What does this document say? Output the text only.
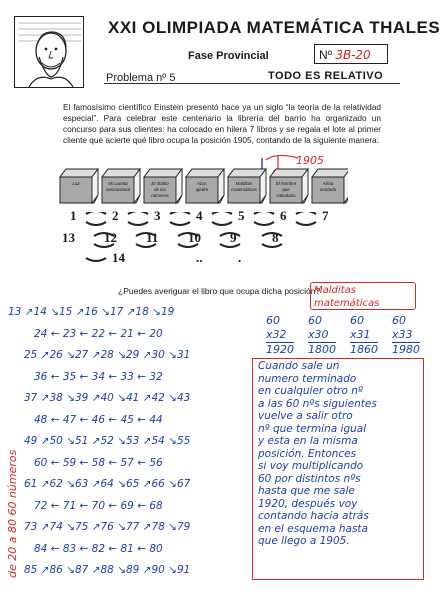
XXI OLIMPIADA MATEMÁTICA THALES
Fase Provincial	Nº 3B-20
Problema nº 5	TODO ES RELATIVO
El famosísimo científico Einstein presentó hace ya un siglo “la teoría de la relatividad especial”. Para celebrar este centenario la librería del barrio ha organizado un concurso para sus clientes: ha colocado en hilera 7 libros y se regala el lote al primer cliente que acierte qué libro ocupa la posición 1905, contando de la siguiente manera:
1905
Luz	Mi cuento
sensacional
El diablo
de los
números
Azar,
ajedre
Malditas
matemáticas
El hombre
que
calculaba
Alicia
anotada
1	2	3	4	5	6	7
13 12 11 10 9	8
14	..	.
¿Puedes averiguar el libro que ocupa dicha posición?
Malditas matemáticas
60	60	60	60
x32 x30 x31 x33
1920 1800 1860 1980
13 ↗14 ↘15 ↗16 ↘17 ↗18 ↘19
24 ← 23 ← 22 ← 21 ← 20
25 ↗26 ↘27 ↗28 ↘29 ↗30 ↘31
36 ← 35 ← 34 ← 33 ← 32
37 ↗38 ↘39 ↗40 ↘41 ↗42 ↘43
48 ← 47 ← 46 ← 45 ← 44
49 ↗50 ↘51 ↗52 ↘53 ↗54 ↘55
60 ← 59 ← 58 ← 57 ← 56
61 ↗62 ↘63 ↗64 ↘65 ↗66 ↘67
72 ← 71 ← 70 ← 69 ← 68
73 ↗74 ↘75 ↗76 ↘77 ↗78 ↘79
84 ← 83 ← 82 ← 81 ← 80
85 ↗86 ↘87 ↗88 ↘89 ↗90 ↘91
de 20 a 80 60 números
Cuando sale un
numero terminado
en cualquier otro nº
a las 60 nºs siguientes
vuelve a salir otro
nº que termina igual
y esta en la misma
posición. Entonces
si voy multiplicando
60 por distintos nºs
hasta que me sale
1920, después voy
contando hacia atrás
en el esquema hasta
que llego a 1905.
